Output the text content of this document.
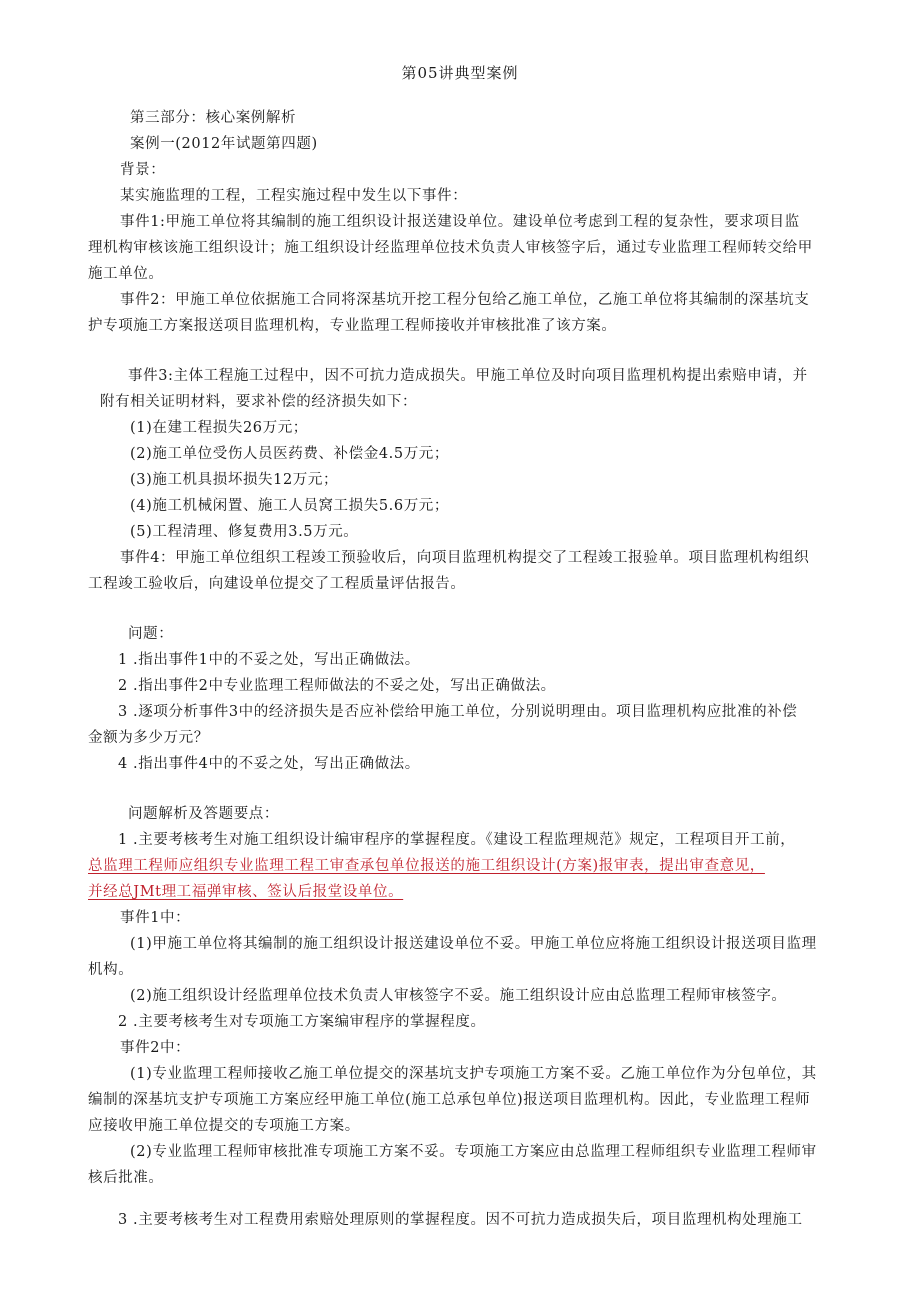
第05讲典型案例
第三部分：核心案例解析
案例一(2012年试题第四题)
背景：
某实施监理的工程，工程实施过程中发生以下事件：
事件1:甲施工单位将其编制的施工组织设计报送建设单位。建设单位考虑到工程的复杂性，要求项目监
理机构审核该施工组织设计；施工组织设计经监理单位技术负责人审核签字后，通过专业监理工程师转交给甲
施工单位。
事件2：甲施工单位依据施工合同将深基坑开挖工程分包给乙施工单位，乙施工单位将其编制的深基坑支
护专项施工方案报送项目监理机构，专业监理工程师接收并审核批准了该方案。
事件3:主体工程施工过程中，因不可抗力造成损失。甲施工单位及时向项目监理机构提出索赔申请，并
附有相关证明材料，要求补偿的经济损失如下：
(1)在建工程损失26万元；
(2)施工单位受伤人员医药费、补偿金4.5万元；
(3)施工机具损坏损失12万元；
(4)施工机械闲置、施工人员窝工损失5.6万元；
(5)工程清理、修复费用3.5万元。
事件4：甲施工单位组织工程竣工预验收后，向项目监理机构提交了工程竣工报验单。项目监理机构组织
工程竣工验收后，向建设单位提交了工程质量评估报告。
问题：
1 .指出事件1中的不妥之处，写出正确做法。
2 .指出事件2中专业监理工程师做法的不妥之处，写出正确做法。
3 .逐项分析事件3中的经济损失是否应补偿给甲施工单位，分别说明理由。项目监理机构应批准的补偿
金额为多少万元？
4 .指出事件4中的不妥之处，写出正确做法。
问题解析及答题要点：
1 .主要考核考生对施工组织设计编审程序的掌握程度。《建设工程监理规范》规定，工程项目开工前，
总监理工程师应组织专业监理工程工审查承包单位报送的施工组织设计(方案)报审表，提出审查意见，
并经总JMt理工福弹审核、签认后报堂设单位。
事件1中：
(1)甲施工单位将其编制的施工组织设计报送建设单位不妥。甲施工单位应将施工组织设计报送项目监理
机构。
(2)施工组织设计经监理单位技术负责人审核签字不妥。施工组织设计应由总监理工程师审核签字。
2 .主要考核考生对专项施工方案编审程序的掌握程度。
事件2中：
(1)专业监理工程师接收乙施工单位提交的深基坑支护专项施工方案不妥。乙施工单位作为分包单位，其
编制的深基坑支护专项施工方案应经甲施工单位(施工总承包单位)报送项目监理机构。因此，专业监理工程师
应接收甲施工单位提交的专项施工方案。
(2)专业监理工程师审核批准专项施工方案不妥。专项施工方案应由总监理工程师组织专业监理工程师审
核后批准。
3 .主要考核考生对工程费用索赔处理原则的掌握程度。因不可抗力造成损失后，项目监理机构处理施工
